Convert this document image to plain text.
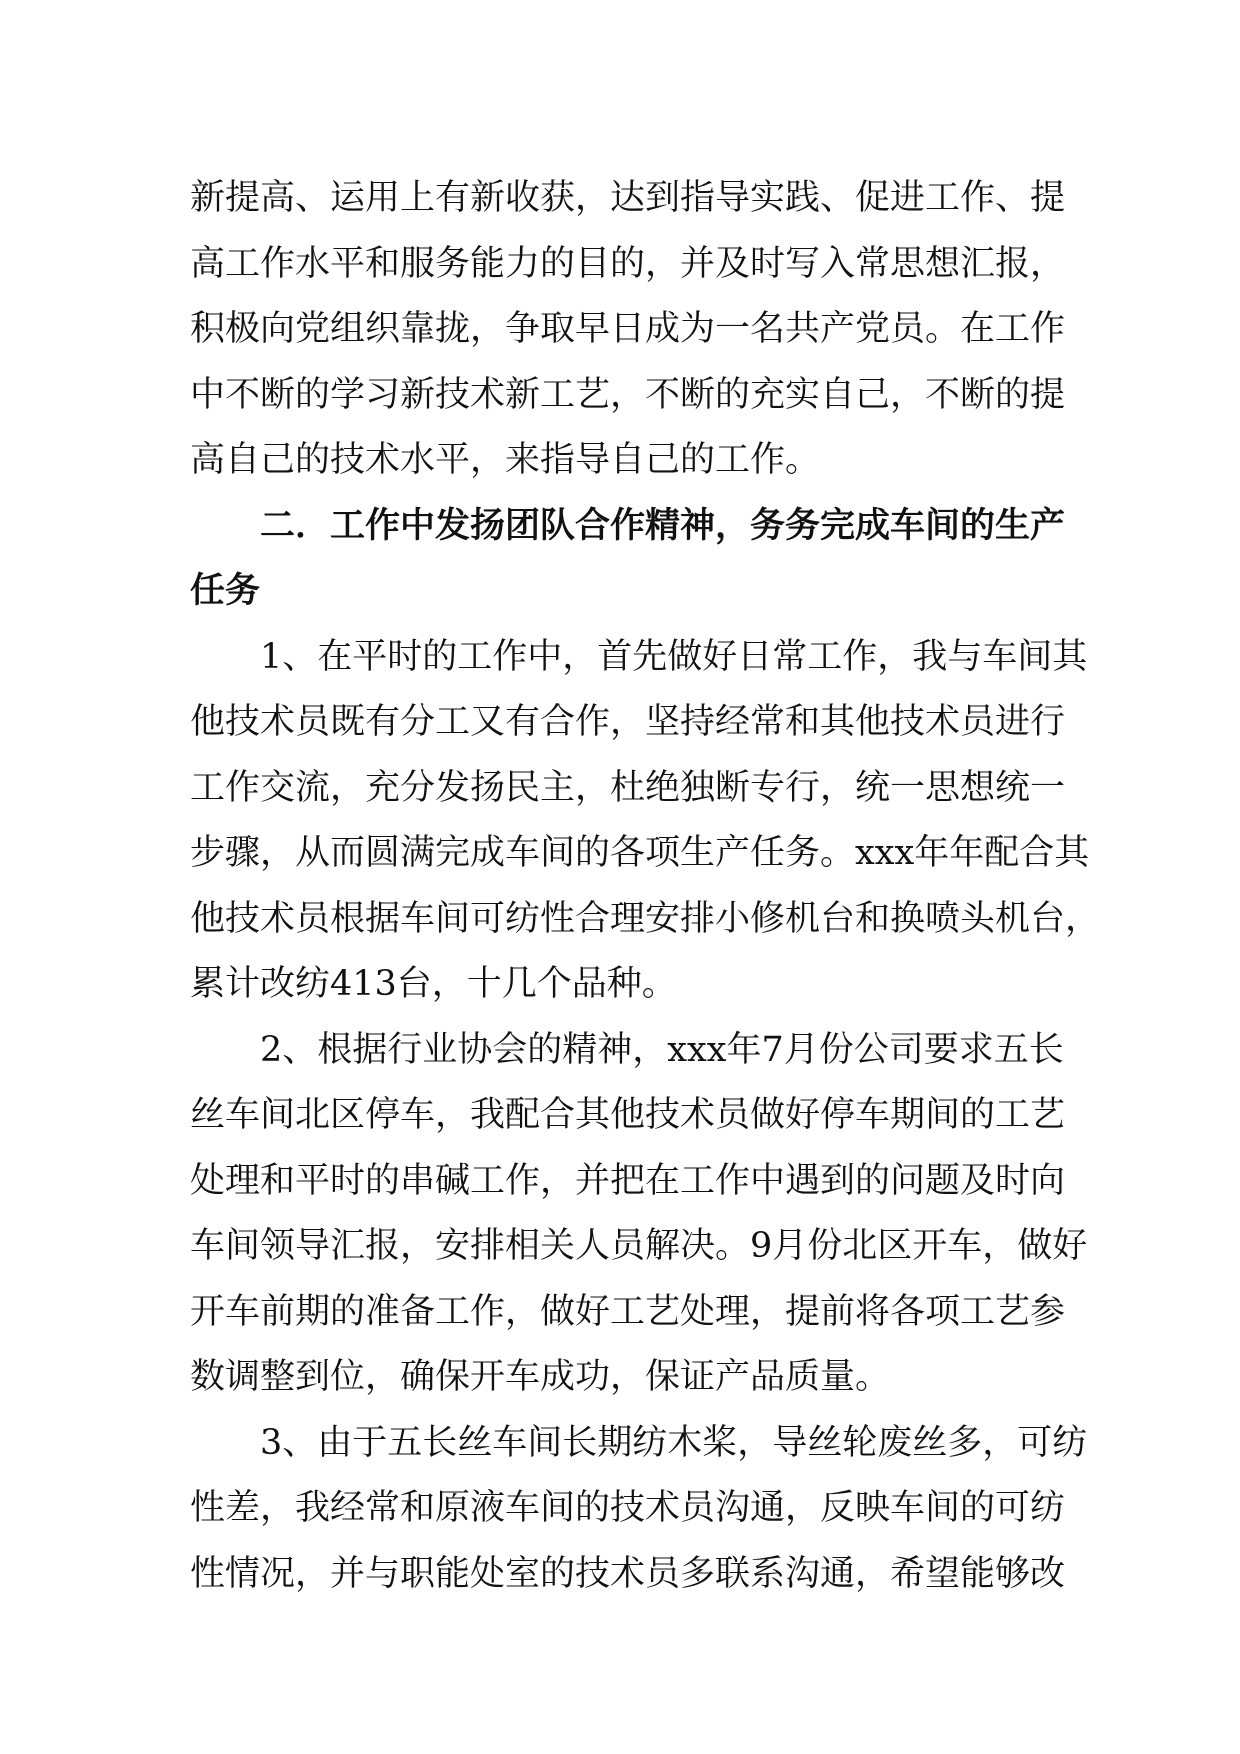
新提高、运用上有新收获，达到指导实践、促进工作、提
高工作水平和服务能力的目的，并及时写入常思想汇报，
积极向党组织靠拢，争取早日成为一名共产党员。在工作
中不断的学习新技术新工艺，不断的充实自己，不断的提
高自己的技术水平，来指导自己的工作。
二．工作中发扬团队合作精神，务务完成车间的生产
任务
1、在平时的工作中，首先做好日常工作，我与车间其
他技术员既有分工又有合作，坚持经常和其他技术员进行
工作交流，充分发扬民主，杜绝独断专行，统一思想统一
步骤，从而圆满完成车间的各项生产任务。xxx年年配合其
他技术员根据车间可纺性合理安排小修机台和换喷头机台，
累计改纺413台，十几个品种。
2、根据行业协会的精神，xxx年7月份公司要求五长
丝车间北区停车，我配合其他技术员做好停车期间的工艺
处理和平时的串碱工作，并把在工作中遇到的问题及时向
车间领导汇报，安排相关人员解决。9月份北区开车，做好
开车前期的准备工作，做好工艺处理，提前将各项工艺参
数调整到位，确保开车成功，保证产品质量。
3、由于五长丝车间长期纺木桨，导丝轮废丝多，可纺
性差，我经常和原液车间的技术员沟通，反映车间的可纺
性情况，并与职能处室的技术员多联系沟通，希望能够改
